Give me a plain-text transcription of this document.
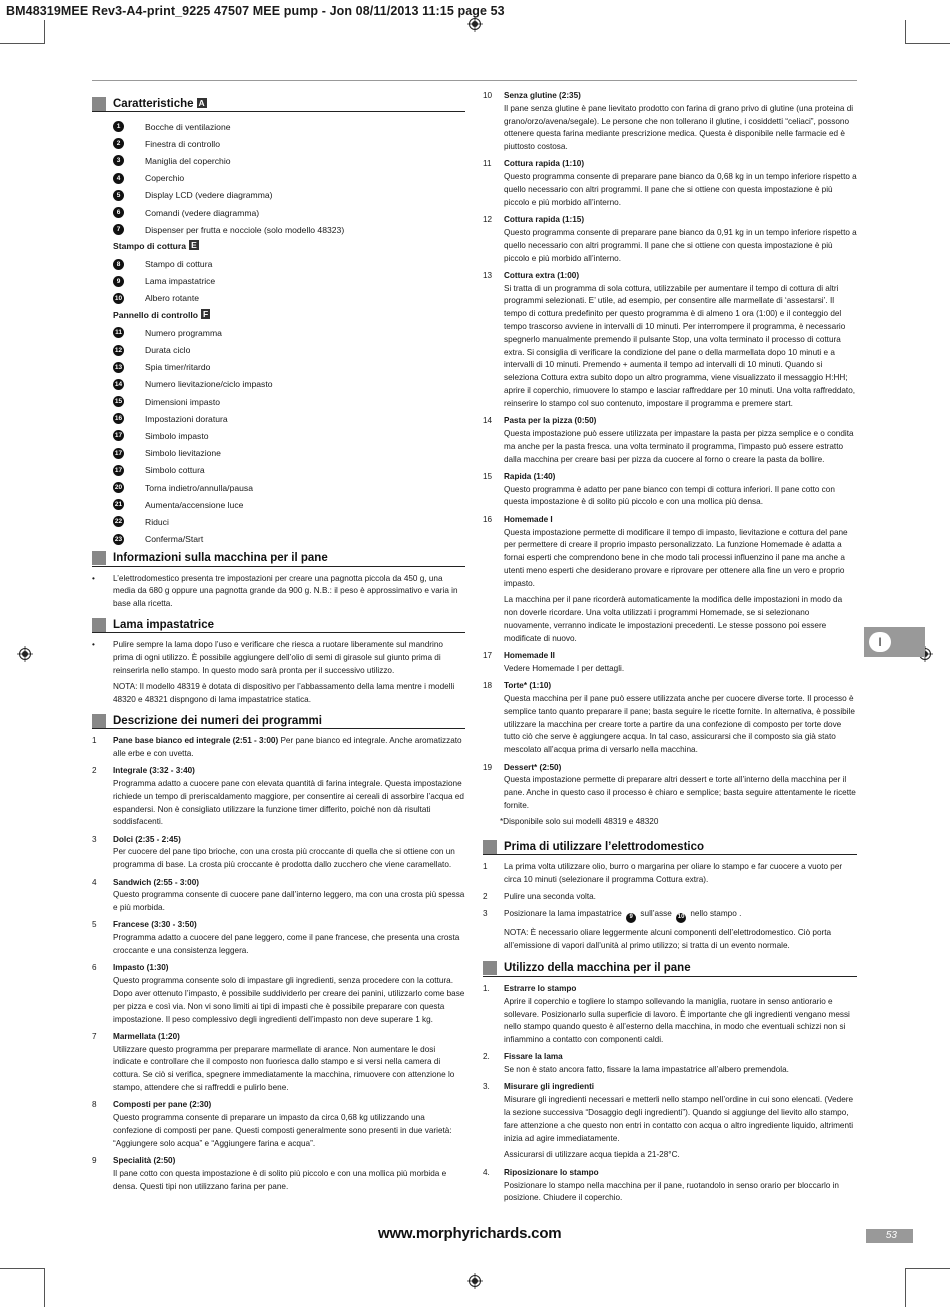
BM48319MEE Rev3-A4-print_9225 47507 MEE pump - Jon 08/11/2013 11:15 page 53
Caratteristiche A
1	Bocche di ventilazione
2	Finestra di controllo
3	Maniglia del coperchio
4	Coperchio
5	Display LCD (vedere diagramma)
6	Comandi (vedere diagramma)
7	Dispenser per frutta e nocciole (solo modello 48323)
Stampo di cottura E
8	Stampo di cottura
9	Lama impastatrice
10	Albero rotante
Pannello di controllo F
11	Numero programma
12	Durata ciclo
13	Spia timer/ritardo
14	Numero lievitazione/ciclo impasto
15	Dimensioni impasto
16	Impostazioni doratura
17	Simbolo impasto
17	Simbolo lievitazione
17	Simbolo cottura
20	Torna indietro/annulla/pausa
21	Aumenta/accensione luce
22	Riduci
23	Conferma/Start
Informazioni sulla macchina per il pane
•	L’elettrodomestico presenta tre impostazioni per creare una pagnotta piccola da 450 g, una media da 680 g oppure una pagnotta grande da 900 g. N.B.: il peso è approssimativo e varia in base alla ricetta.
Lama impastatrice
•	Pulire sempre la lama dopo l’uso e verificare che riesca a ruotare liberamente sul mandrino prima di ogni utilizzo. È possibile aggiungere dell’olio di semi di girasole sul giunto prima di reinserirla nello stampo. In questo modo sarà pronta per il successivo utilizzo.
NOTA: Il modello 48319 è dotata di dispositivo per l’abbassamento della lama mentre i modelli 48320 e 48321 dispngono di lama impastatrice statica.
Descrizione dei numeri dei programmi
1	Pane base bianco ed integrale (2:51 - 3:00) Per pane bianco ed integrale. Anche aromatizzato alle erbe e con uvetta.
2	Integrale (3:32 - 3:40)
Programma adatto a cuocere pane con elevata quantità di farina integrale. Questa impostazione richiede un tempo di preriscaldamento maggiore, per consentire ai cereali di assorbire l’acqua ed espandersi. Non è consigliato utilizzare la funzione timer differito, poiché non dà risultati soddisfacenti.
3	Dolci (2:35 - 2:45)
Per cuocere del pane tipo brioche, con una crosta più croccante di quella che si ottiene con un programma di base. La crosta più croccante è prodotta dallo zucchero che viene caramellato.
4	Sandwich (2:55 - 3:00)
Questo programma consente di cuocere pane dall’interno leggero, ma con una crosta più spessa e più morbida.
5	Francese (3:30 - 3:50)
Programma adatto a cuocere del pane leggero, come il pane francese, che presenta una crosta croccante e una consistenza leggera.
6	Impasto (1:30)
Questo programma consente solo di impastare gli ingredienti, senza procedere con la cottura. Dopo aver ottenuto l’impasto, è possibile suddividerlo per creare dei panini, utilizzarlo come base per pizza e così via. Non vi sono limiti ai tipi di impasti che è possibile preparare con questa impostazione. Il peso complessivo degli ingredienti dell’impasto non deve superare 1 kg.
7	Marmellata (1:20)
Utilizzare questo programma per preparare marmellate di arance. Non aumentare le dosi indicate e controllare che il composto non fuoriesca dallo stampo e si versi nella camera di cottura. Se ciò si verifica, spegnere immediatamente la macchina, rimuovere con attenzione lo stampo, attendere che si raffreddi e pulirlo bene.
8	Composti per pane (2:30)
Questo programma consente di preparare un impasto da circa 0,68 kg utilizzando una confezione di composti per pane. Questi composti generalmente sono presenti in due varietà: “Aggiungere solo acqua” e “Aggiungere farina e acqua”.
9	Specialità (2:50)
Il pane cotto con questa impostazione è di solito più piccolo e con una mollica più morbida e densa. Questi tipi non utilizzano farina per pane.
10	Senza glutine (2:35)
Il pane senza glutine è pane lievitato prodotto con farina di grano privo di glutine (una proteina di grano/orzo/avena/segale). Le persone che non tollerano il glutine, i cosiddetti “celiaci”, possono ottenere questa farina mediante prescrizione medica. Questa è disponibile nelle farmacie ed è piuttosto costosa.
11	Cottura rapida (1:10)
Questo programma consente di preparare pane bianco da 0,68 kg in un tempo inferiore rispetto a quello necessario con altri programmi. Il pane che si ottiene con questa impostazione è più piccolo e più morbido all’interno.
12	Cottura rapida (1:15)
Questo programma consente di preparare pane bianco da 0,91 kg in un tempo inferiore rispetto a quello necessario con altri programmi. Il pane che si ottiene con questa impostazione è più piccolo e più morbido all’interno.
13	Cottura extra (1:00)
Si tratta di un programma di sola cottura, utilizzabile per aumentare il tempo di cottura di altri programmi selezionati. E’ utile, ad esempio, per consentire alle marmellate di ‘assestarsi’. Il tempo di cottura predefinito per questo programma è di almeno 1 ora (1:00) e il conteggio del tempo trascorso avviene in intervalli di 10 minuti. Per interrompere il programma, è necessario spegnerlo manualmente premendo il pulsante Stop, una volta terminato il processo di cottura extra. Si consiglia di verificare la condizione del pane o della marmellata dopo 10 minuti e a intervalli di 10 minuti. Premendo + aumenta il tempo ad intervalli di 10 minuti. Quando si seleziona Cottura extra subito dopo un altro programma, viene visualizzato il messaggio H:HH; aprire il coperchio, rimuovere lo stampo e lasciar raffreddare per 10 minuti. Una volta raffreddato, reinserire lo stampo col suo contenuto, impostare il programma e premere start.
14	Pasta per la pizza (0:50)
Questa impostazione può essere utilizzata per impastare la pasta per pizza semplice e o condita ma anche per la pasta fresca. una volta terminato il programma, l’impasto può essere estratto dalla macchina per creare basi per pizza da cuocere al forno o creare la pasta da bollire.
15	Rapida (1:40)
Questo programma è adatto per pane bianco con tempi di cottura inferiori. Il pane cotto con questa impostazione è di solito più piccolo e con una mollica più densa.
16	Homemade I
Questa impostazione permette di modificare il tempo di impasto, lievitazione e cottura del pane per permettere di creare il proprio impasto personalizzato. La funzione Homemade è adatta a fornai esperti che comprendono bene in che modo tali processi influenzino il pane ma anche a utenti meno esperti che desiderano provare e riprovare per ottenere alla fine un vero e proprio impasto.
La macchina per il pane ricorderà automaticamente la modifica delle impostazioni in modo da non doverle ricordare. Una volta utilizzati i programmi Homemade, se si selezionano nuovamente, verranno indicate le impostazioni precedenti. Le stesse possono poi essere modificate di nuovo.
17	Homemade II
Vedere Homemade I per dettagli.
18	Torte* (1:10)
Questa macchina per il pane può essere utilizzata anche per cuocere diverse torte. Il processo è semplice tanto quanto preparare il pane; basta seguire le ricette fornite. In alternativa, è possibile utilizzare la macchina per creare torte a partire da una confezione di composto per torte dove tutto ciò che serve è aggiungere acqua. In tal caso, assicurarsi che il composto sia già stato mescolato all’acqua prima di versarlo nella macchina.
19	Dessert* (2:50)
Questa impostazione permette di preparare altri dessert e torte all’interno della macchina per il pane. Anche in questo caso il processo è chiaro e semplice; basta seguire attentamente le ricette fornite.
*Disponibile solo sui modelli 48319 e 48320
Prima di utilizzare l’elettrodomestico
1	La prima volta utilizzare olio, burro o margarina per oliare lo stampo e far cuocere a vuoto per circa 10 minuti (selezionare il programma Cottura extra).
2	Pulire una seconda volta.
3	Posizionare la lama impastatrice 9 sull’asse 10 nello stampo .
NOTA: È necessario oliare leggermente alcuni componenti dell’elettrodomestico. Ciò porta all’emissione di vapori dall’unità al primo utilizzo; si tratta di un evento normale.
Utilizzo della macchina per il pane
1.	Estrarre lo stampo
Aprire il coperchio e togliere lo stampo sollevando la maniglia, ruotare in senso antiorario e sollevare. Posizionarlo sulla superficie di lavoro. È importante che gli ingredienti vengano messi nello stampo quando questo è all’esterno della macchina, in modo che eventuali schizzi non si infiammino a contatto con componenti caldi.
2.	Fissare la lama
Se non è stato ancora fatto, fissare la lama impastatrice all’albero premendola.
3.	Misurare gli ingredienti
Misurare gli ingredienti necessari e metterli nello stampo nell’ordine in cui sono elencati. (Vedere la sezione successiva “Dosaggio degli ingredienti”). Quando si aggiunge del lievito allo stampo, fare attenzione a che questo non entri in contatto con acqua o altro ingrediente liquido, altrimenti inizia ad agire immediatamente.
Assicurarsi di utilizzare acqua tiepida a 21-28°C.
4.	Riposizionare lo stampo
Posizionare lo stampo nella macchina per il pane, ruotandolo in senso orario per bloccarlo in posizione. Chiudere il coperchio.
I
www.morphyrichards.com	53
